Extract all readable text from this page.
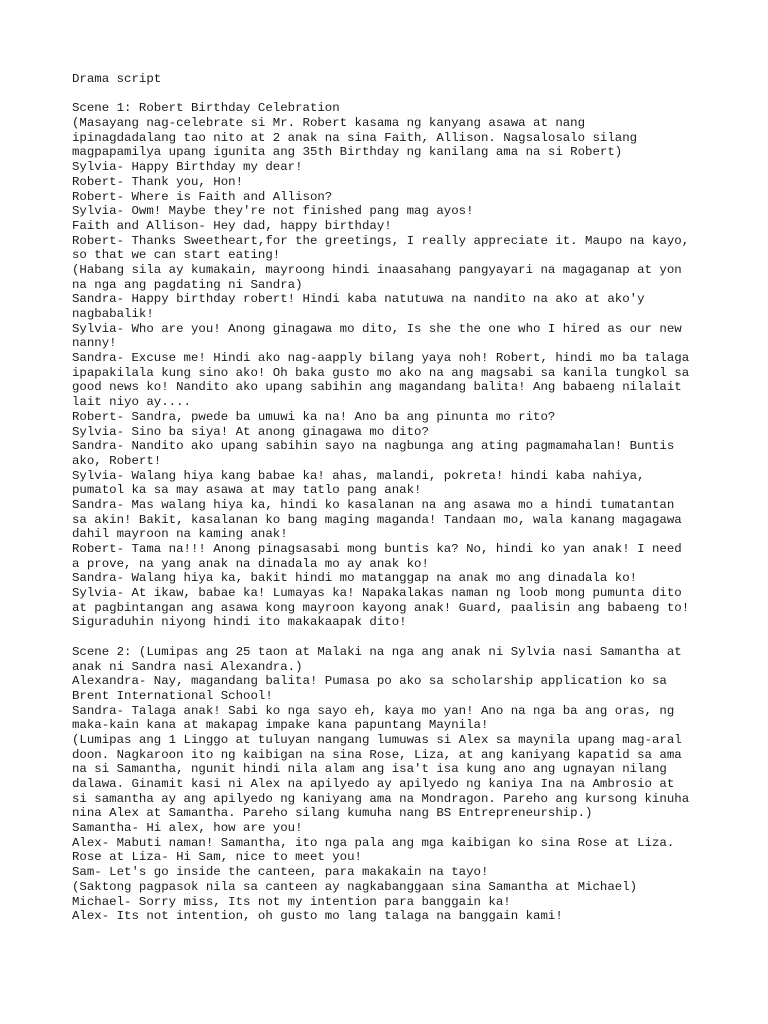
Drama script
Scene 1: Robert Birthday Celebration
(Masayang nag-celebrate si Mr. Robert kasama ng kanyang asawa at nang
ipinagdadalang tao nito at 2 anak na sina Faith, Allison. Nagsalosalo silang
magpapamilya upang igunita ang 35th Birthday ng kanilang ama na si Robert)
Sylvia- Happy Birthday my dear!
Robert- Thank you, Hon!
Robert- Where is Faith and Allison?
Sylvia- Owm! Maybe they're not finished pang mag ayos!
Faith and Allison- Hey dad, happy birthday!
Robert- Thanks Sweetheart,for the greetings, I really appreciate it. Maupo na kayo,
so that we can start eating!
(Habang sila ay kumakain, mayroong hindi inaasahang pangyayari na magaganap at yon
na nga ang pagdating ni Sandra)
Sandra- Happy birthday robert! Hindi kaba natutuwa na nandito na ako at ako'y
nagbabalik!
Sylvia- Who are you! Anong ginagawa mo dito, Is she the one who I hired as our new
nanny!
Sandra- Excuse me! Hindi ako nag-aapply bilang yaya noh! Robert, hindi mo ba talaga
ipapakilala kung sino ako! Oh baka gusto mo ako na ang magsabi sa kanila tungkol sa
good news ko! Nandito ako upang sabihin ang magandang balita! Ang babaeng nilalait
lait niyo ay....
Robert- Sandra, pwede ba umuwi ka na! Ano ba ang pinunta mo rito?
Sylvia- Sino ba siya! At anong ginagawa mo dito?
Sandra- Nandito ako upang sabihin sayo na nagbunga ang ating pagmamahalan! Buntis
ako, Robert!
Sylvia- Walang hiya kang babae ka! ahas, malandi, pokreta! hindi kaba nahiya,
pumatol ka sa may asawa at may tatlo pang anak!
Sandra- Mas walang hiya ka, hindi ko kasalanan na ang asawa mo a hindi tumatantan
sa akin! Bakit, kasalanan ko bang maging maganda! Tandaan mo, wala kanang magagawa
dahil mayroon na kaming anak!
Robert- Tama na!!! Anong pinagsasabi mong buntis ka? No, hindi ko yan anak! I need
a prove, na yang anak na dinadala mo ay anak ko!
Sandra- Walang hiya ka, bakit hindi mo matanggap na anak mo ang dinadala ko!
Sylvia- At ikaw, babae ka! Lumayas ka! Napakalakas naman ng loob mong pumunta dito
at pagbintangan ang asawa kong mayroon kayong anak! Guard, paalisin ang babaeng to!
Siguraduhin niyong hindi ito makakaapak dito!
Scene 2: (Lumipas ang 25 taon at Malaki na nga ang anak ni Sylvia nasi Samantha at
anak ni Sandra nasi Alexandra.)
Alexandra- Nay, magandang balita! Pumasa po ako sa scholarship application ko sa
Brent International School!
Sandra- Talaga anak! Sabi ko nga sayo eh, kaya mo yan! Ano na nga ba ang oras, ng
maka-kain kana at makapag impake kana papuntang Maynila!
(Lumipas ang 1 Linggo at tuluyan nangang lumuwas si Alex sa maynila upang mag-aral
doon. Nagkaroon ito ng kaibigan na sina Rose, Liza, at ang kaniyang kapatid sa ama
na si Samantha, ngunit hindi nila alam ang isa't isa kung ano ang ugnayan nilang
dalawa. Ginamit kasi ni Alex na apilyedo ay apilyedo ng kaniya Ina na Ambrosio at
si samantha ay ang apilyedo ng kaniyang ama na Mondragon. Pareho ang kursong kinuha
nina Alex at Samantha. Pareho silang kumuha nang BS Entrepreneurship.)
Samantha- Hi alex, how are you!
Alex- Mabuti naman! Samantha, ito nga pala ang mga kaibigan ko sina Rose at Liza.
Rose at Liza- Hi Sam, nice to meet you!
Sam- Let's go inside the canteen, para makakain na tayo!
(Saktong pagpasok nila sa canteen ay nagkabanggaan sina Samantha at Michael)
Michael- Sorry miss, Its not my intention para banggain ka!
Alex- Its not intention, oh gusto mo lang talaga na banggain kami!
